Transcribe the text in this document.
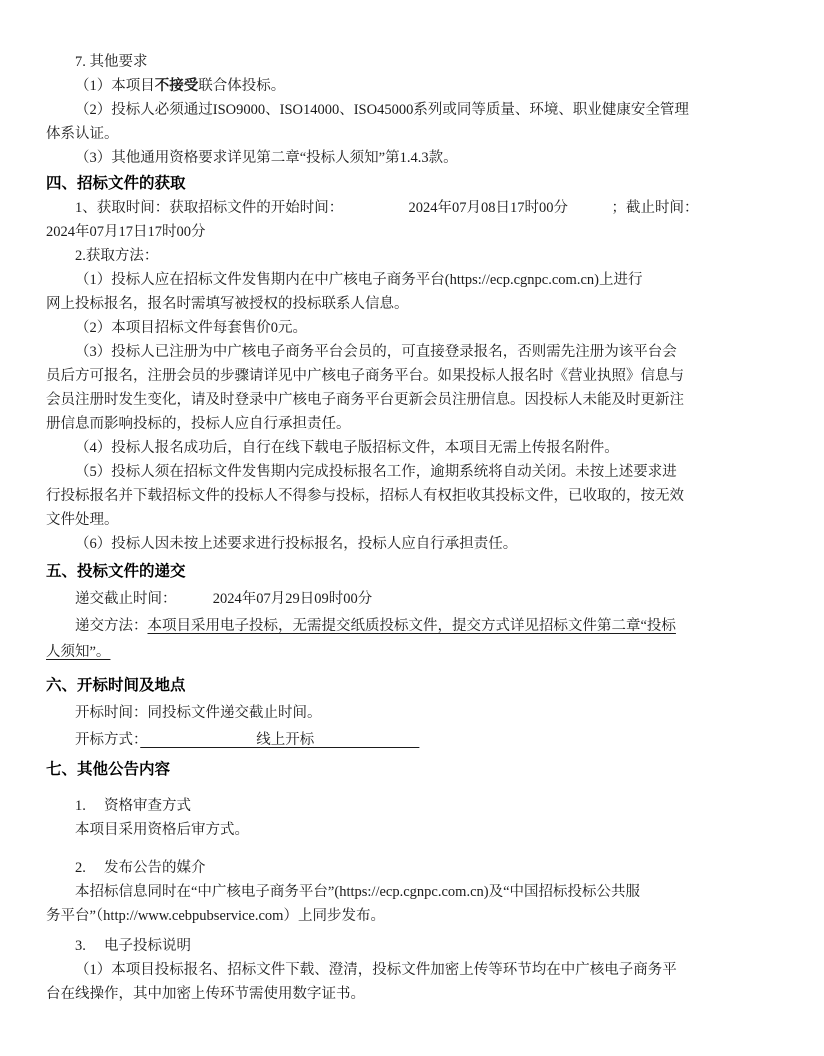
7. 其他要求

（1）本项目不接受联合体投标。

（2）投标人必须通过ISO9000、ISO14000、ISO45000系列或同等质量、环境、职业健康安全管理

体系认证。

（3）其他通用资格要求详见第二章“投标人须知”第1.4.3款。

四、招标文件的获取

1、获取时间：获取招标文件的开始时间：　　　　　2024年07月08日17时00分　　　；截止时间：

2024年07月17日17时00分

2.获取方法：

（1）投标人应在招标文件发售期内在中广核电子商务平台(https://ecp.cgnpc.com.cn)上进行

网上投标报名，报名时需填写被授权的投标联系人信息。

（2）本项目招标文件每套售价0元。

（3）投标人已注册为中广核电子商务平台会员的，可直接登录报名，否则需先注册为该平台会

员后方可报名，注册会员的步骤请详见中广核电子商务平台。如果投标人报名时《营业执照》信息与

会员注册时发生变化，请及时登录中广核电子商务平台更新会员注册信息。因投标人未能及时更新注

册信息而影响投标的，投标人应自行承担责任。

（4）投标人报名成功后，自行在线下载电子版招标文件，本项目无需上传报名附件。

（5）投标人须在招标文件发售期内完成投标报名工作，逾期系统将自动关闭。未按上述要求进

行投标报名并下载招标文件的投标人不得参与投标，招标人有权拒收其投标文件，已收取的，按无效

文件处理。

（6）投标人因未按上述要求进行投标报名，投标人应自行承担责任。

五、投标文件的递交

递交截止时间：　　　2024年07月29日09时00分

递交方法：本项目采用电子投标，无需提交纸质投标文件，提交方式详见招标文件第二章“投标

人须知”。

六、开标时间及地点

开标时间：同投标文件递交截止时间。

开标方式：　　　　　　　　线上开标　　　　　　　

七、其他公告内容

1.　 资格审查方式

本项目采用资格后审方式。

2.　 发布公告的媒介

本招标信息同时在“中广核电子商务平台”(https://ecp.cgnpc.com.cn)及“中国招标投标公共服

务平台”（http://www.cebpubservice.com）上同步发布。

3.　 电子投标说明

（1）本项目投标报名、招标文件下载、澄清，投标文件加密上传等环节均在中广核电子商务平

台在线操作，其中加密上传环节需使用数字证书。
